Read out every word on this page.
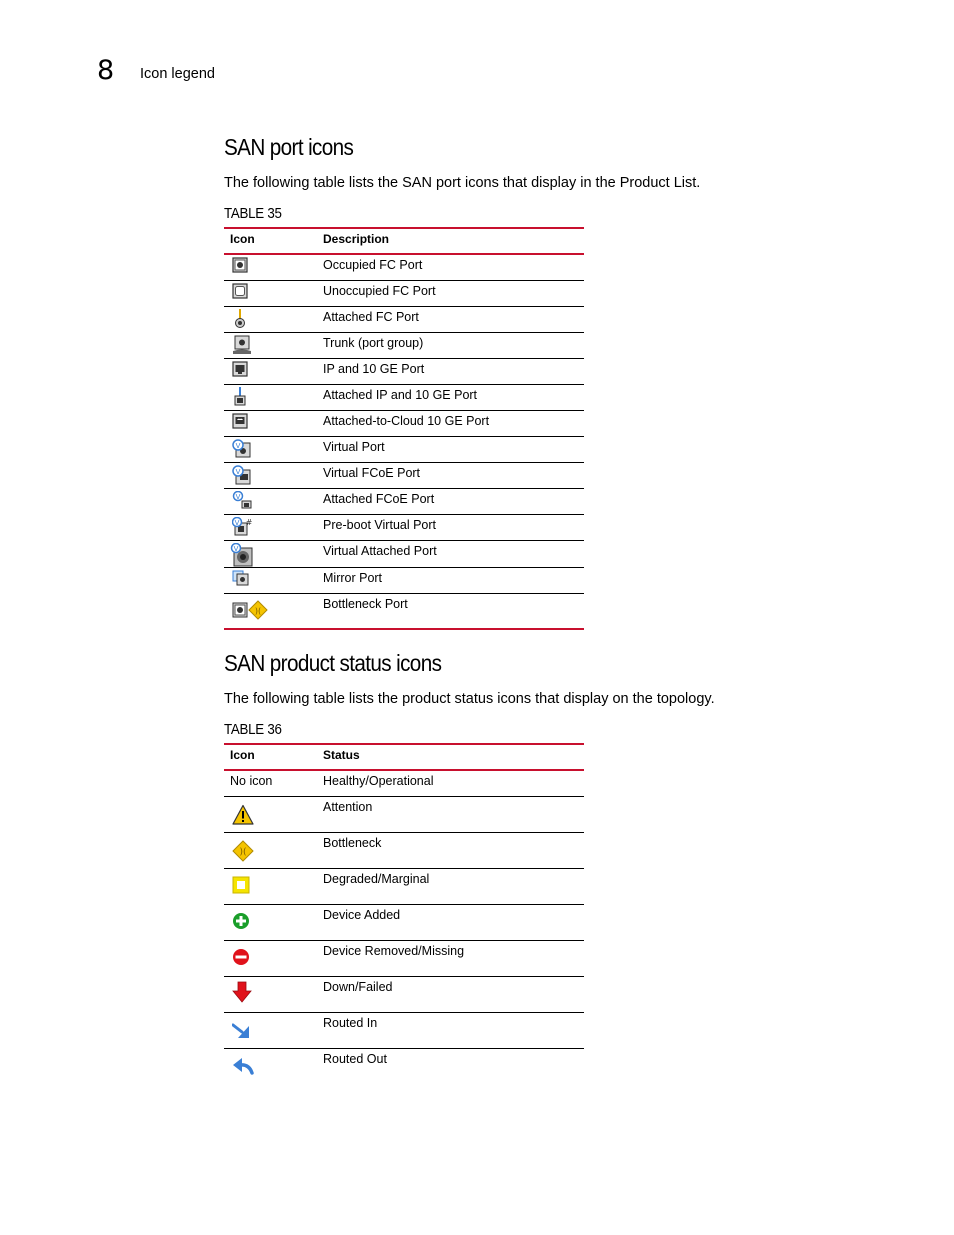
8 Icon legend
SAN port icons
The following table lists the SAN port icons that display in the Product List.
TABLE 35
Icon	Description
	Occupied FC Port
	Unoccupied FC Port
	Attached FC Port
	Trunk (port group)
	IP and 10 GE Port
	Attached IP and 10 GE Port
	Attached-to-Cloud 10 GE Port

V	Virtual Port

V	Virtual FCoE Port

V	Attached FCoE Port

V #	Pre-boot Virtual Port

V	Virtual Attached Port
	Mirror Port

)(	Bottleneck Port
SAN product status icons
The following table lists the product status icons that display on the topology.
TABLE 36
Icon	Status
No icon	Healthy/Operational
	Attention

)(	Bottleneck
	Degraded/Marginal
	Device Added
	Device Removed/Missing
	Down/Failed
	Routed In
	Routed Out
